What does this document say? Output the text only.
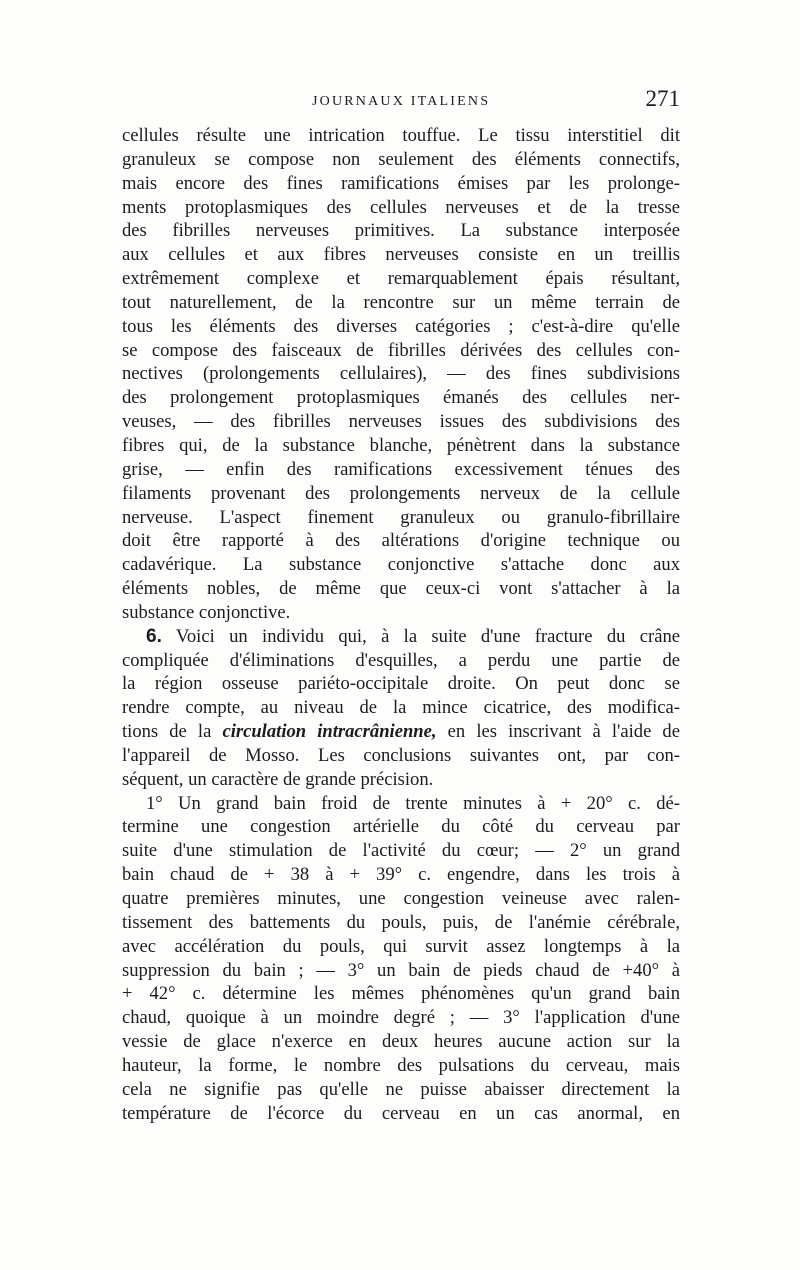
JOURNAUX ITALIENS	271
cellules résulte une intrication touffue. Le tissu interstitiel dit
granuleux se compose non seulement des éléments connectifs,
mais encore des fines ramifications émises par les prolonge-
ments protoplasmiques des cellules nerveuses et de la tresse
des fibrilles nerveuses primitives. La substance interposée
aux cellules et aux fibres nerveuses consiste en un treillis
extrêmement complexe et remarquablement épais résultant,
tout naturellement, de la rencontre sur un même terrain de
tous les éléments des diverses catégories ; c'est-à-dire qu'elle
se compose des faisceaux de fibrilles dérivées des cellules con-
nectives (prolongements cellulaires), — des fines subdivisions
des prolongement protoplasmiques émanés des cellules ner-
veuses, — des fibrilles nerveuses issues des subdivisions des
fibres qui, de la substance blanche, pénètrent dans la substance
grise, — enfin des ramifications excessivement ténues des
filaments provenant des prolongements nerveux de la cellule
nerveuse. L'aspect finement granuleux ou granulo-fibrillaire
doit être rapporté à des altérations d'origine technique ou
cadavérique. La substance conjonctive s'attache donc aux
éléments nobles, de même que ceux-ci vont s'attacher à la
substance conjonctive.
6. Voici un individu qui, à la suite d'une fracture du crâne
compliquée d'éliminations d'esquilles, a perdu une partie de
la région osseuse pariéto-occipitale droite. On peut donc se
rendre compte, au niveau de la mince cicatrice, des modifica-
tions de la circulation intracrânienne, en les inscrivant à l'aide de
l'appareil de Mosso. Les conclusions suivantes ont, par con-
séquent, un caractère de grande précision.
1° Un grand bain froid de trente minutes à + 20° c. dé-
termine une congestion artérielle du côté du cerveau par
suite d'une stimulation de l'activité du cœur; — 2° un grand
bain chaud de + 38 à + 39° c. engendre, dans les trois à
quatre premières minutes, une congestion veineuse avec ralen-
tissement des battements du pouls, puis, de l'anémie cérébrale,
avec accélération du pouls, qui survit assez longtemps à la
suppression du bain ; — 3° un bain de pieds chaud de +40° à
+ 42° c. détermine les mêmes phénomènes qu'un grand bain
chaud, quoique à un moindre degré ; — 3° l'application d'une
vessie de glace n'exerce en deux heures aucune action sur la
hauteur, la forme, le nombre des pulsations du cerveau, mais
cela ne signifie pas qu'elle ne puisse abaisser directement la
température de l'écorce du cerveau en un cas anormal, en
